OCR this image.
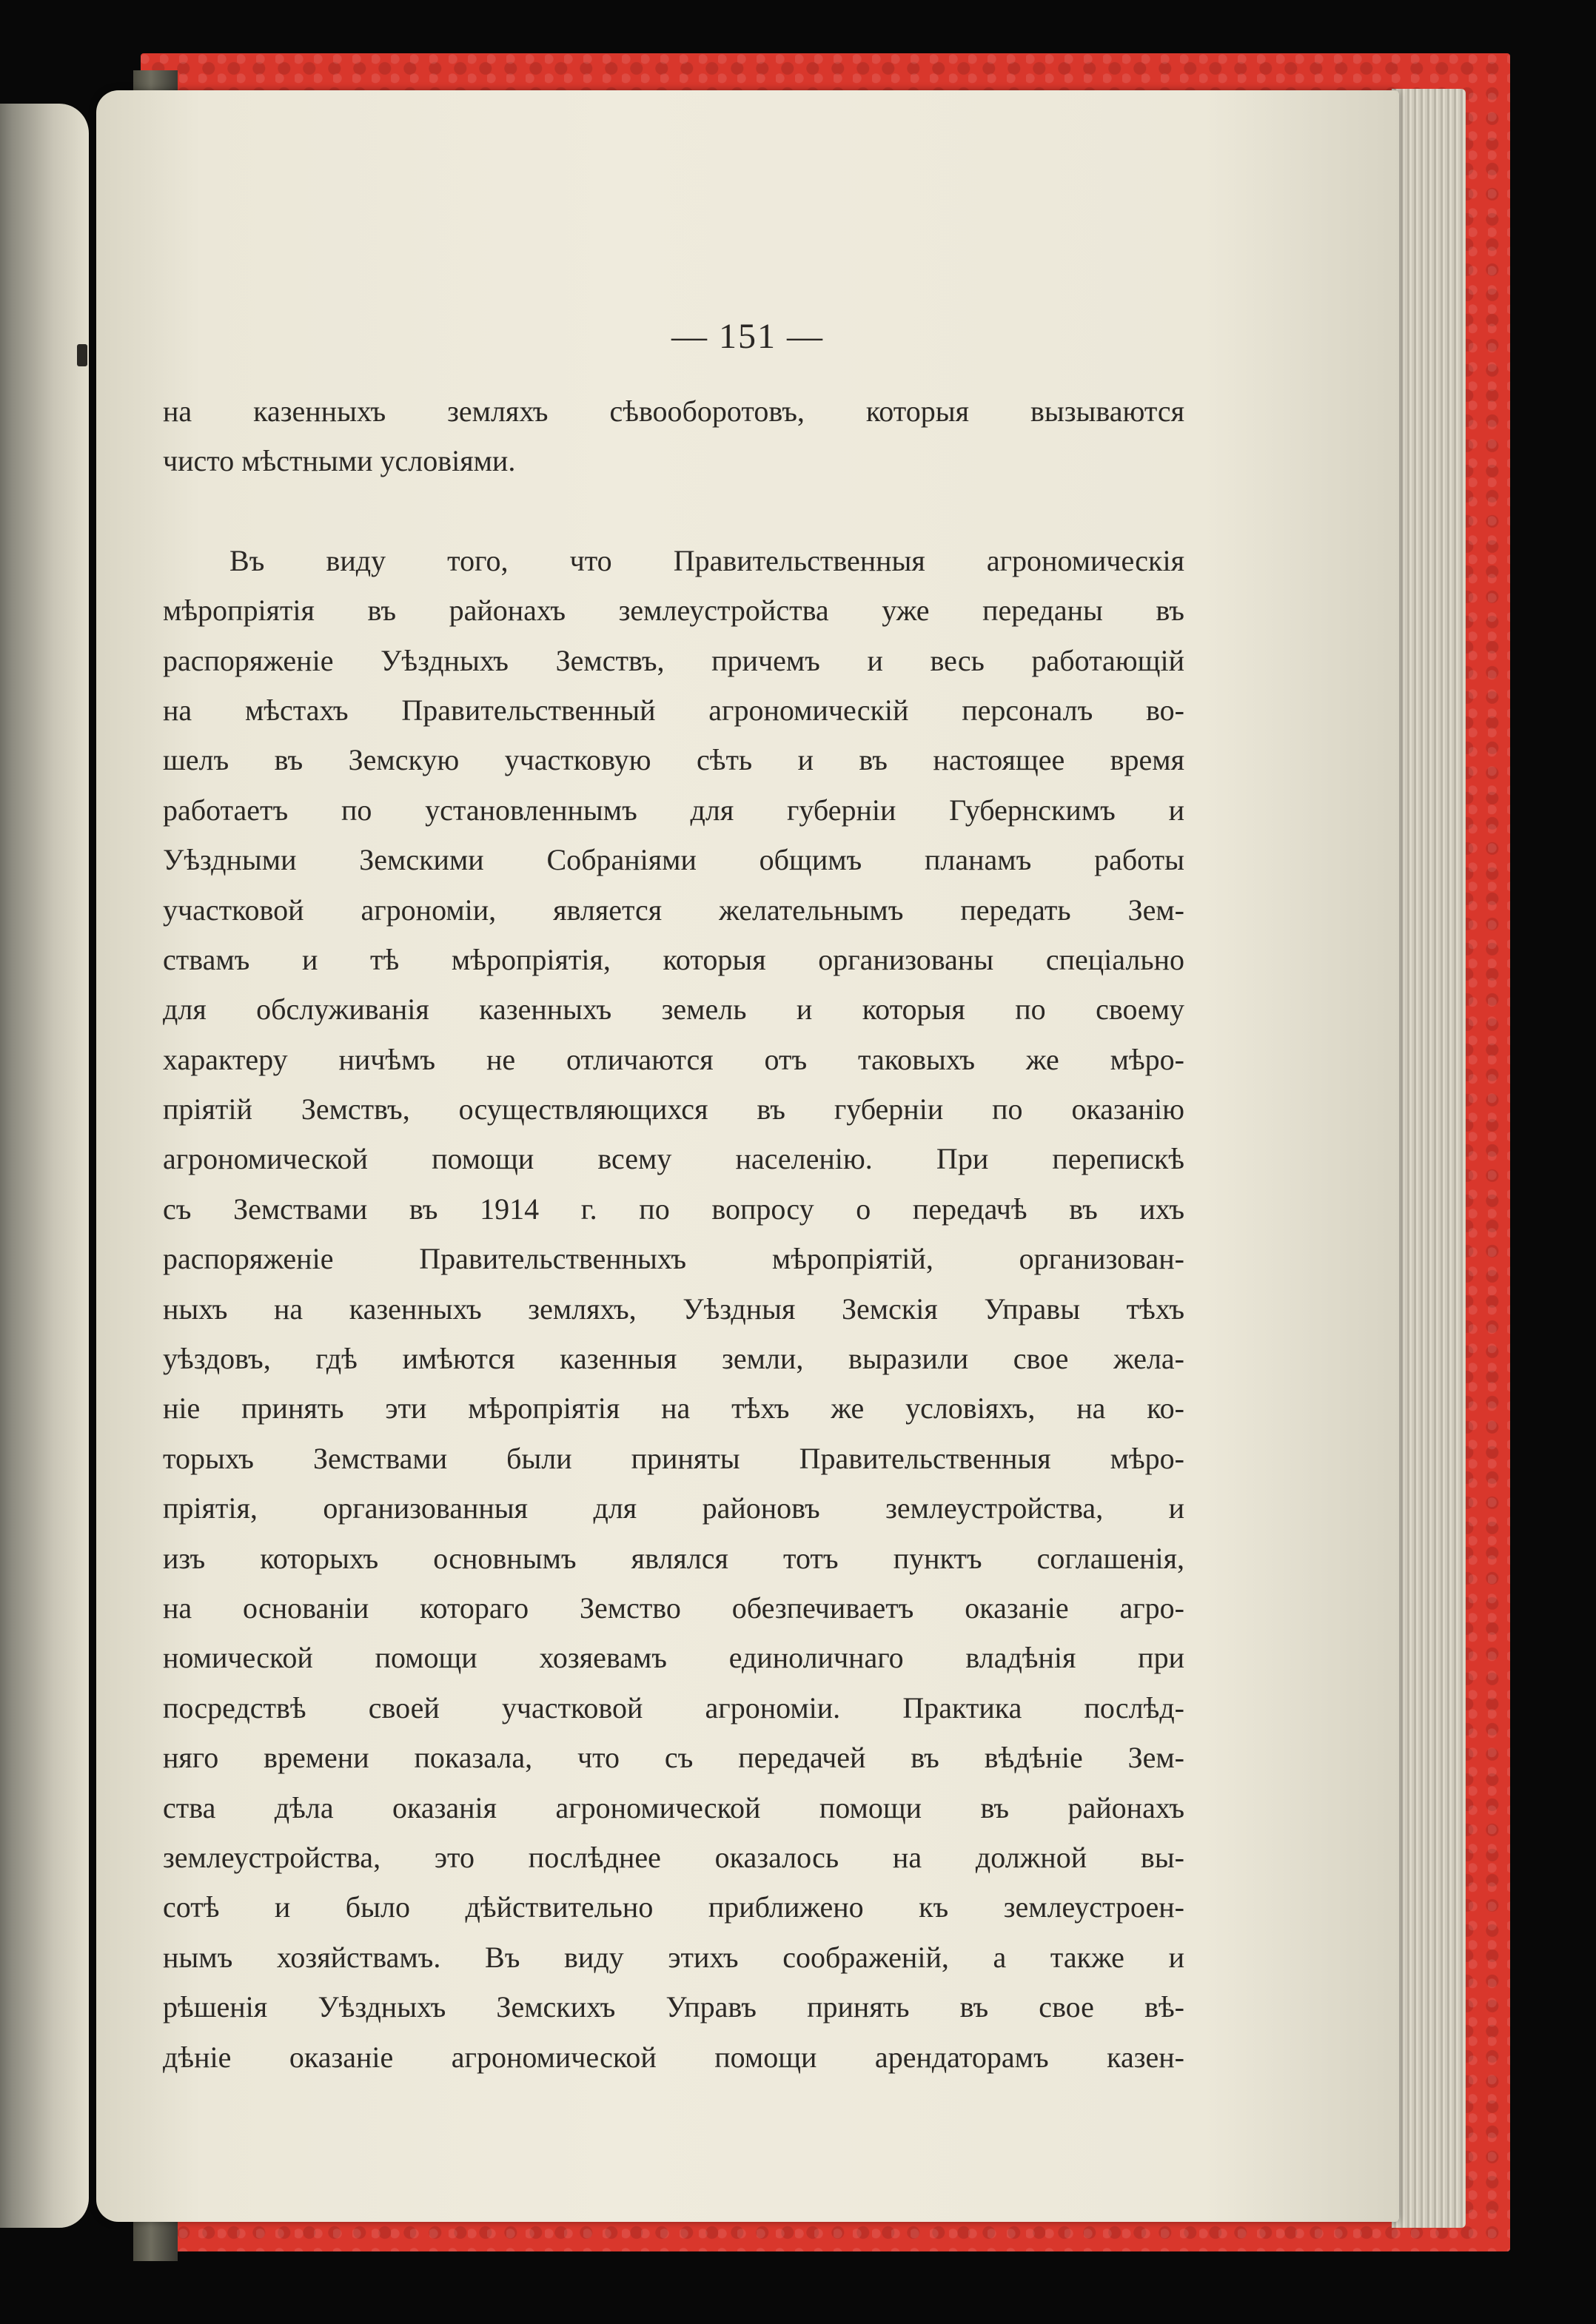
— 151 —
на казенныхъ земляхъ сѣвооборотовъ, которыя вызываются
чисто мѣстными условіями.
Въ виду того, что Правительственныя агрономическія
мѣропріятія въ районахъ землеустройства уже переданы въ
распоряженіе Уѣздныхъ Земствъ, причемъ и весь работающій
на мѣстахъ Правительственный агрономическій персоналъ во-
шелъ въ Земскую участковую сѣть и въ настоящее время
работаетъ по установленнымъ для губерніи Губернскимъ и
Уѣздными Земскими Собраніями общимъ планамъ работы
участковой агрономіи, является желательнымъ передать Зем-
ствамъ и тѣ мѣропріятія, которыя организованы спеціально
для обслуживанія казенныхъ земель и которыя по своему
характеру ничѣмъ не отличаются отъ таковыхъ же мѣро-
пріятій Земствъ, осуществляющихся въ губерніи по оказанію
агрономической помощи всему населенію. При перепискѣ
съ Земствами въ 1914 г. по вопросу о передачѣ въ ихъ
распоряженіе Правительственныхъ мѣропріятій, организован-
ныхъ на казенныхъ земляхъ, Уѣздныя Земскія Управы тѣхъ
уѣздовъ, гдѣ имѣются казенныя земли, выразили свое жела-
ніе принять эти мѣропріятія на тѣхъ же условіяхъ, на ко-
торыхъ Земствами были приняты Правительственныя мѣро-
пріятія, организованныя для районовъ землеустройства, и
изъ которыхъ основнымъ являлся тотъ пунктъ соглашенія,
на основаніи котораго Земство обезпечиваетъ оказаніе агро-
номической помощи хозяевамъ единоличнаго владѣнія при
посредствѣ своей участковой агрономіи. Практика послѣд-
няго времени показала, что съ передачей въ вѣдѣніе Зем-
ства дѣла оказанія агрономической помощи въ районахъ
землеустройства, это послѣднее оказалось на должной вы-
сотѣ и было дѣйствительно приближено къ землеустроен-
нымъ хозяйствамъ. Въ виду этихъ соображеній, а также и
рѣшенія Уѣздныхъ Земскихъ Управъ принять въ свое вѣ-
дѣніе оказаніе агрономической помощи арендаторамъ казен-
